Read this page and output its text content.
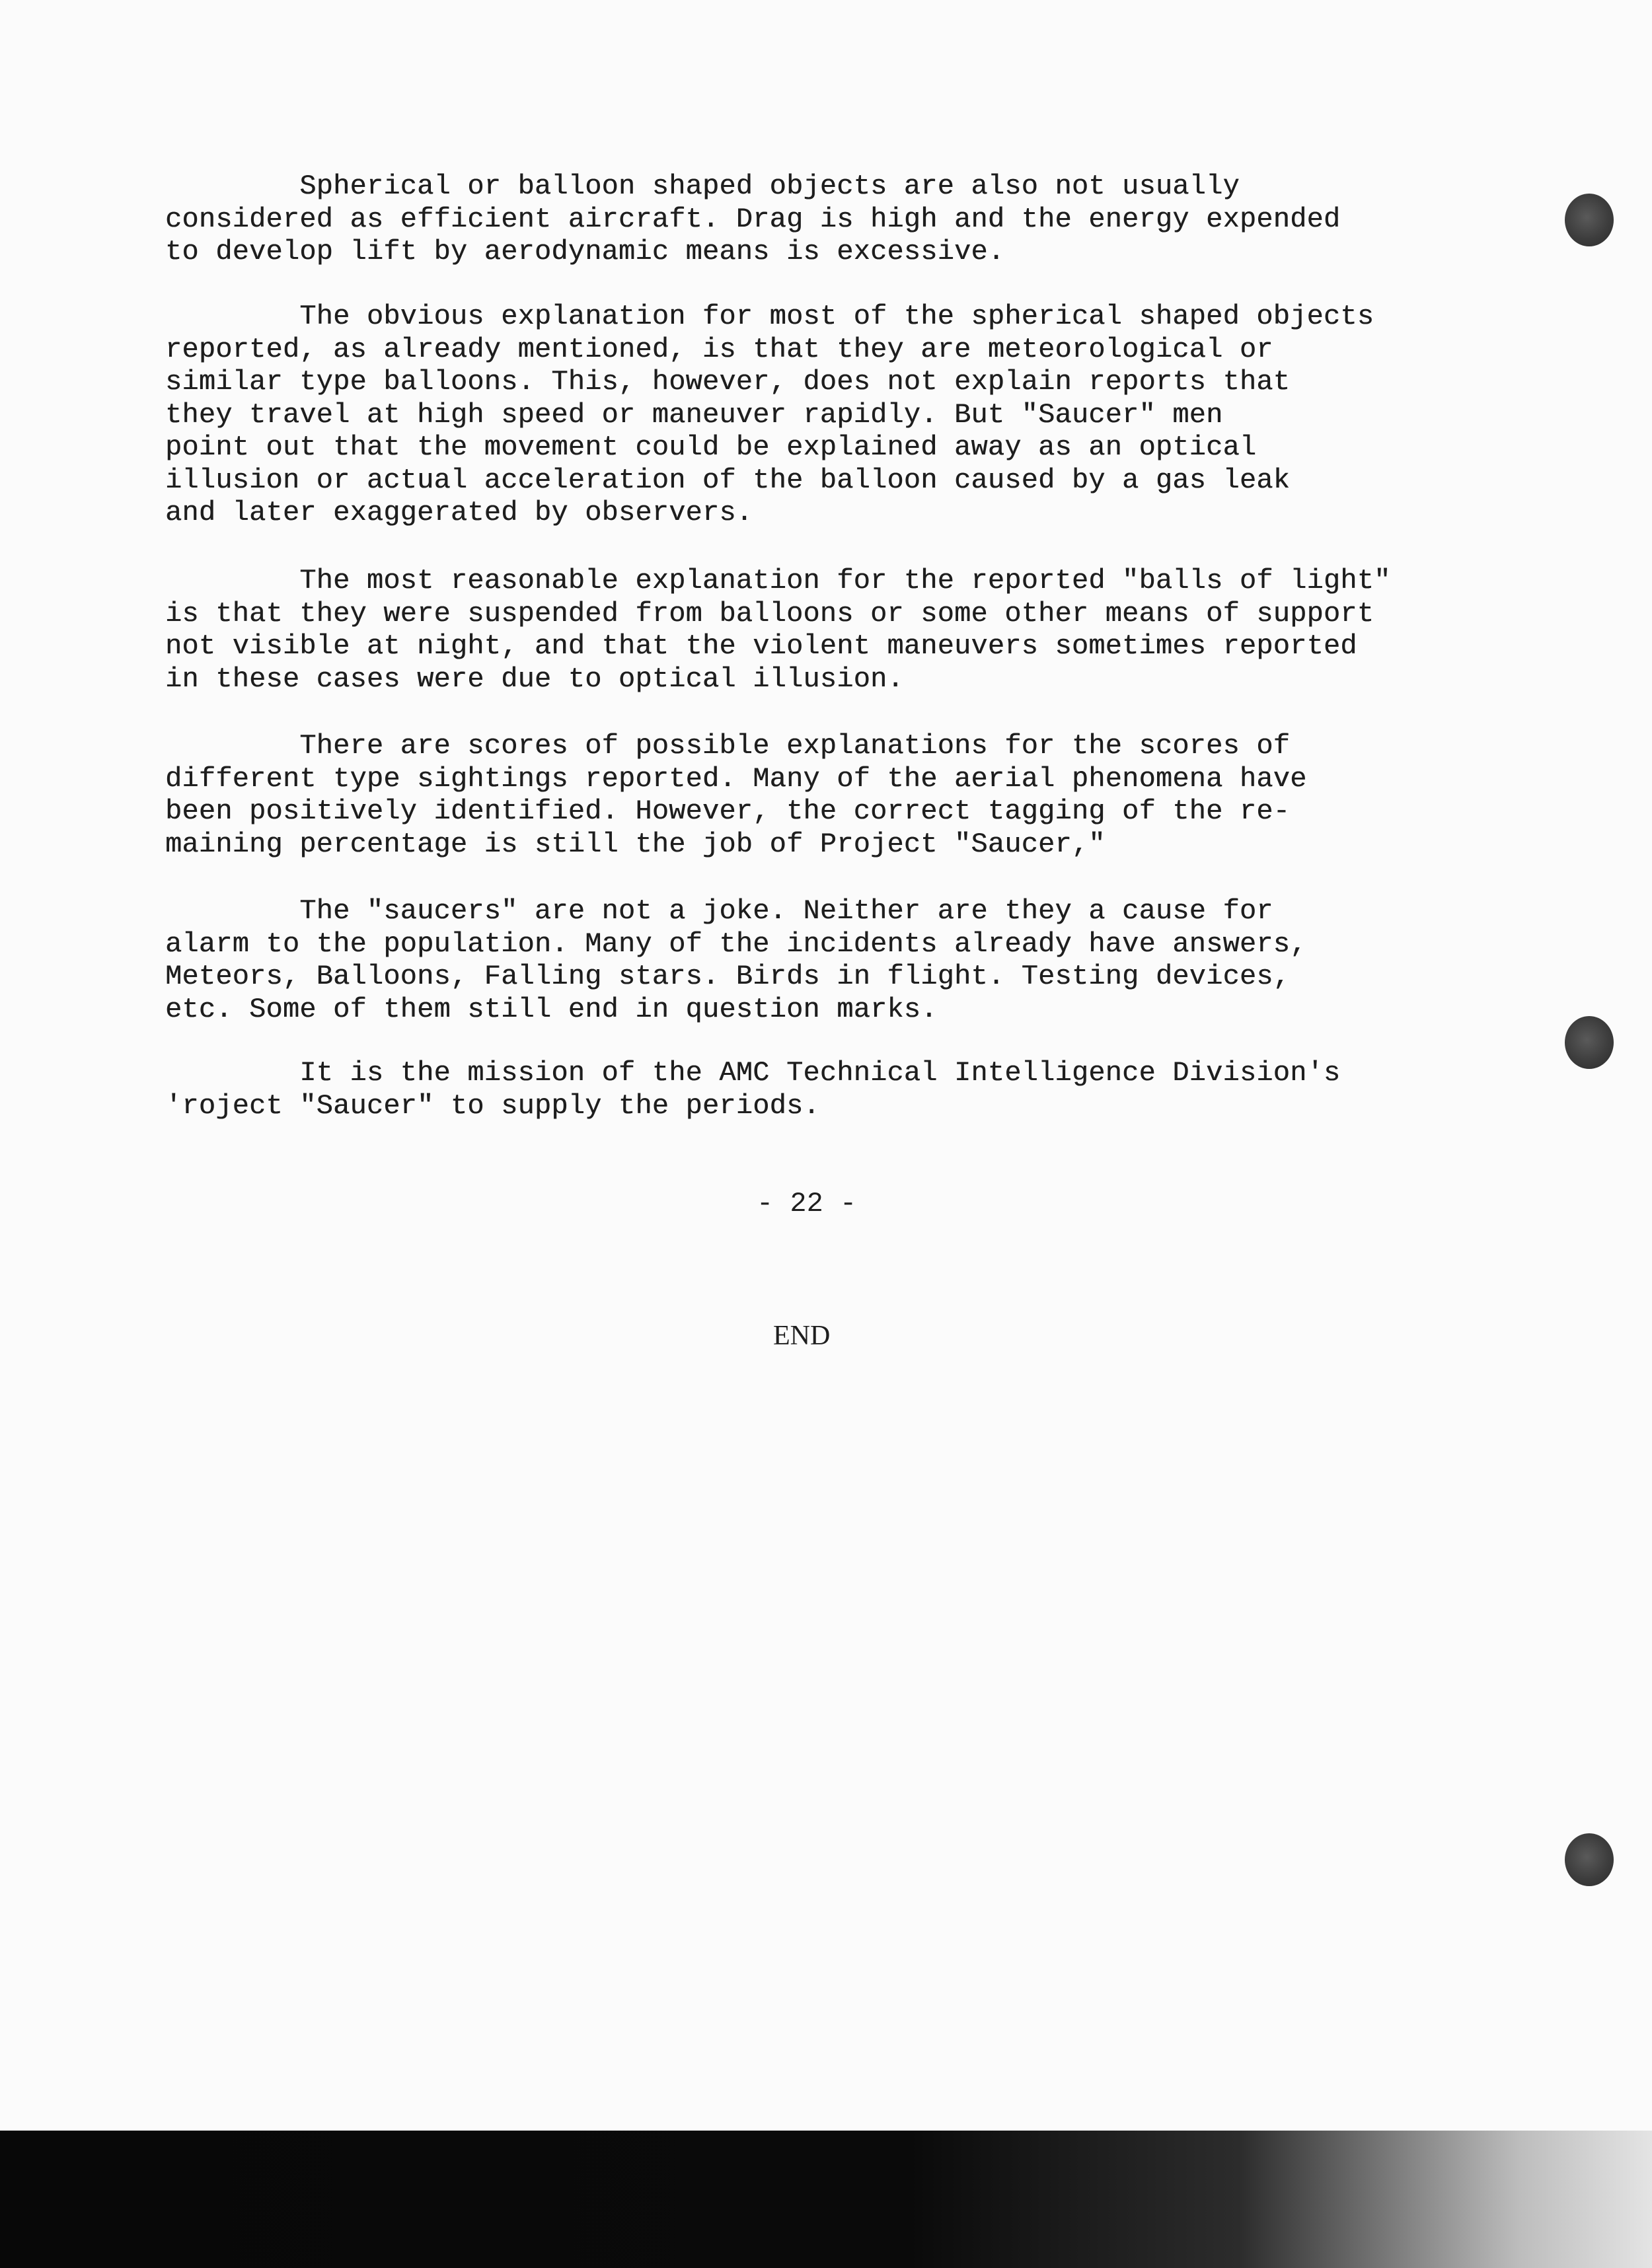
Spherical or balloon shaped objects are also not usually
considered as efficient aircraft. Drag is high and the energy expended
to develop lift by aerodynamic means is excessive.

The obvious explanation for most of the spherical shaped objects
reported, as already mentioned, is that they are meteorological or
similar type balloons. This, however, does not explain reports that
they travel at high speed or maneuver rapidly. But "Saucer" men
point out that the movement could be explained away as an optical
illusion or actual acceleration of the balloon caused by a gas leak
and later exaggerated by observers.

The most reasonable explanation for the reported "balls of light"
is that they were suspended from balloons or some other means of support
not visible at night, and that the violent maneuvers sometimes reported
in these cases were due to optical illusion.

There are scores of possible explanations for the scores of
different type sightings reported. Many of the aerial phenomena have
been positively identified. However, the correct tagging of the re-
maining percentage is still the job of Project "Saucer,"

The "saucers" are not a joke. Neither are they a cause for
alarm to the population. Many of the incidents already have answers,
Meteors, Balloons, Falling stars. Birds in flight. Testing devices,
etc. Some of them still end in question marks.

It is the mission of the AMC Technical Intelligence Division's
'roject "Saucer" to supply the periods.

- 22 -
END
